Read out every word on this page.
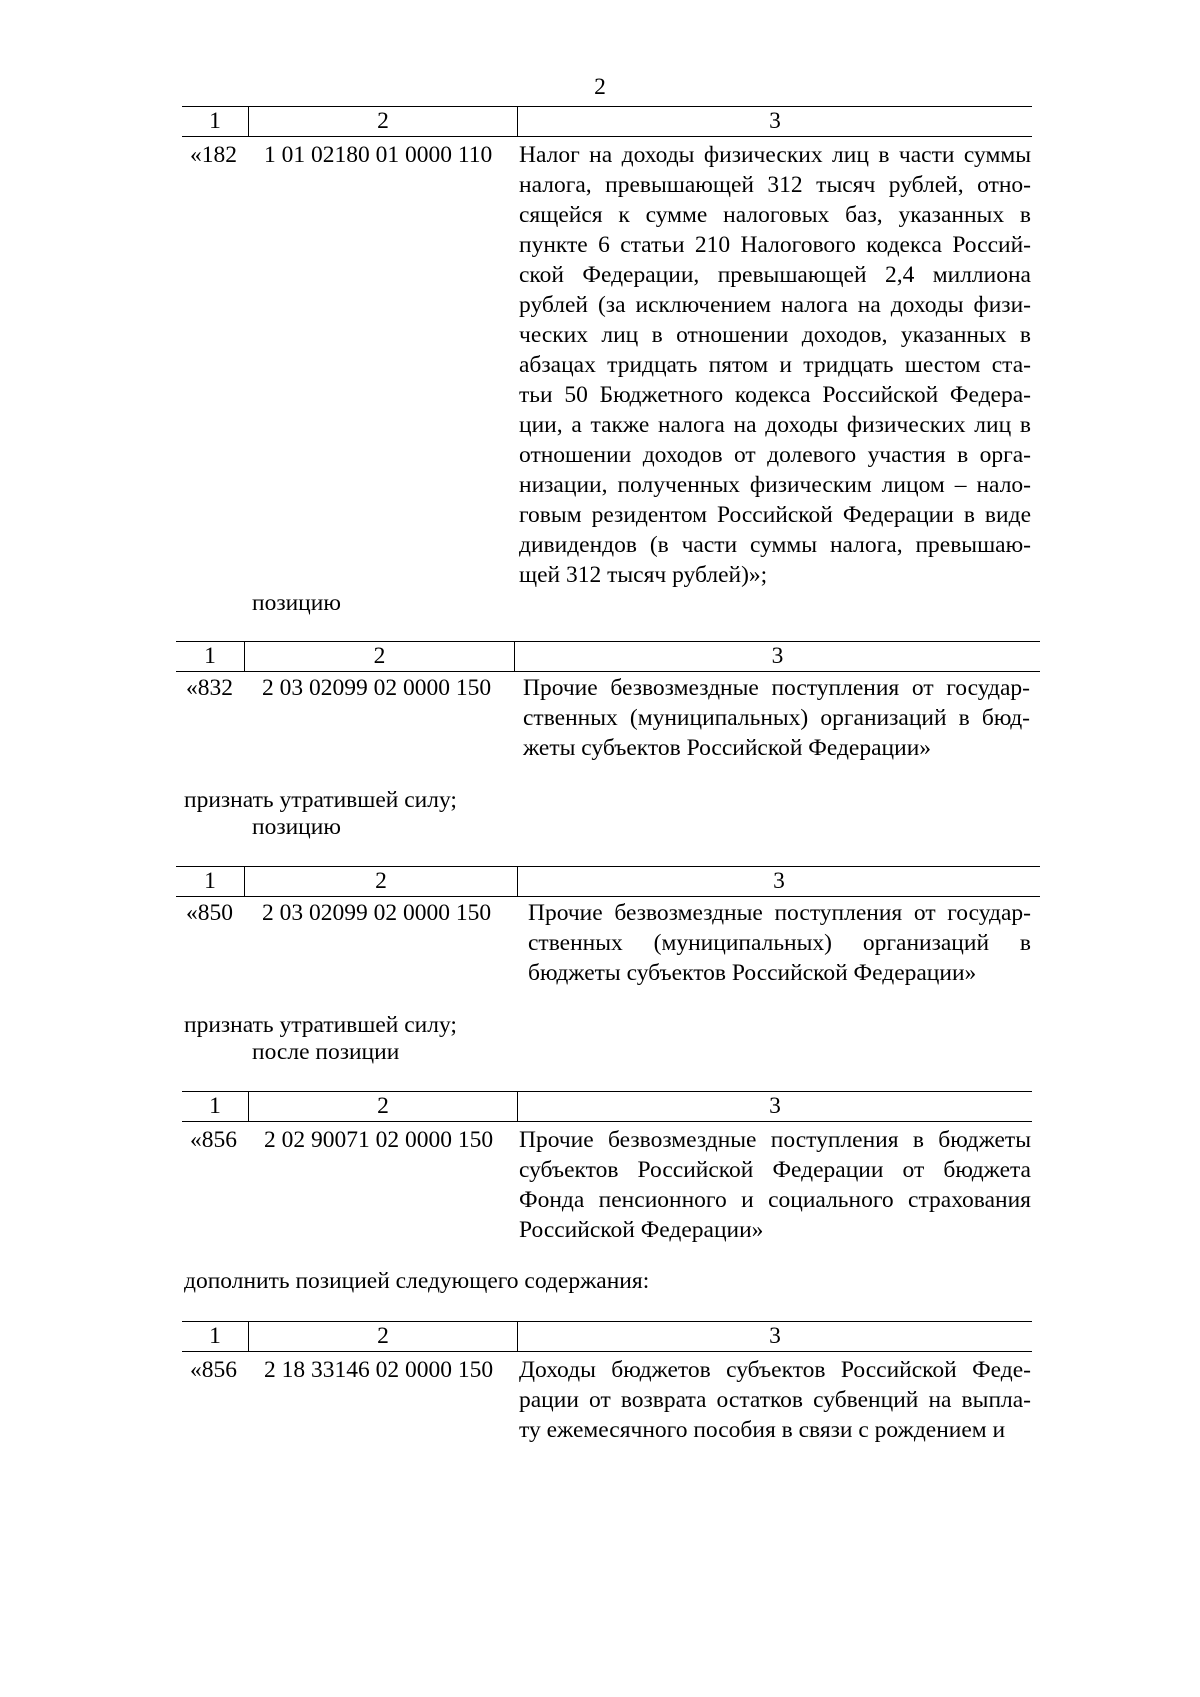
2
1	2	3
«182 1 01 02180 01 0000 110 Налог на доходы физических лиц в части суммы
налога, превышающей 312 тысяч рублей, отно-
сящейся к сумме налоговых баз, указанных в
пункте 6 статьи 210 Налогового кодекса Россий-
ской Федерации, превышающей 2,4 миллиона
рублей (за исключением налога на доходы физи-
ческих лиц в отношении доходов, указанных в
абзацах тридцать пятом и тридцать шестом ста-
тьи 50 Бюджетного кодекса Российской Федера-
ции, а также налога на доходы физических лиц в
отношении доходов от долевого участия в орга-
низации, полученных физическим лицом – нало-
говым резидентом Российской Федерации в виде
дивидендов (в части суммы налога, превышаю-
щей 312 тысяч рублей)»;
позицию
1	2	3
«832 2 03 02099 02 0000 150 Прочие безвозмездные поступления от государ-
ственных (муниципальных) организаций в бюд-
жеты субъектов Российской Федерации»
признать утратившей силу;
позицию
1	2	3
«850 2 03 02099 02 0000 150 Прочие безвозмездные поступления от государ-
ственных (муниципальных) организаций в
бюджеты субъектов Российской Федерации»
признать утратившей силу;
после позиции
1	2	3
«856 2 02 90071 02 0000 150 Прочие безвозмездные поступления в бюджеты
субъектов Российской Федерации от бюджета
Фонда пенсионного и социального страхования
Российской Федерации»
дополнить позицией следующего содержания:
1	2	3
«856 2 18 33146 02 0000 150 Доходы бюджетов субъектов Российской Феде-
рации от возврата остатков субвенций на выпла-
ту ежемесячного пособия в связи с рождением и
